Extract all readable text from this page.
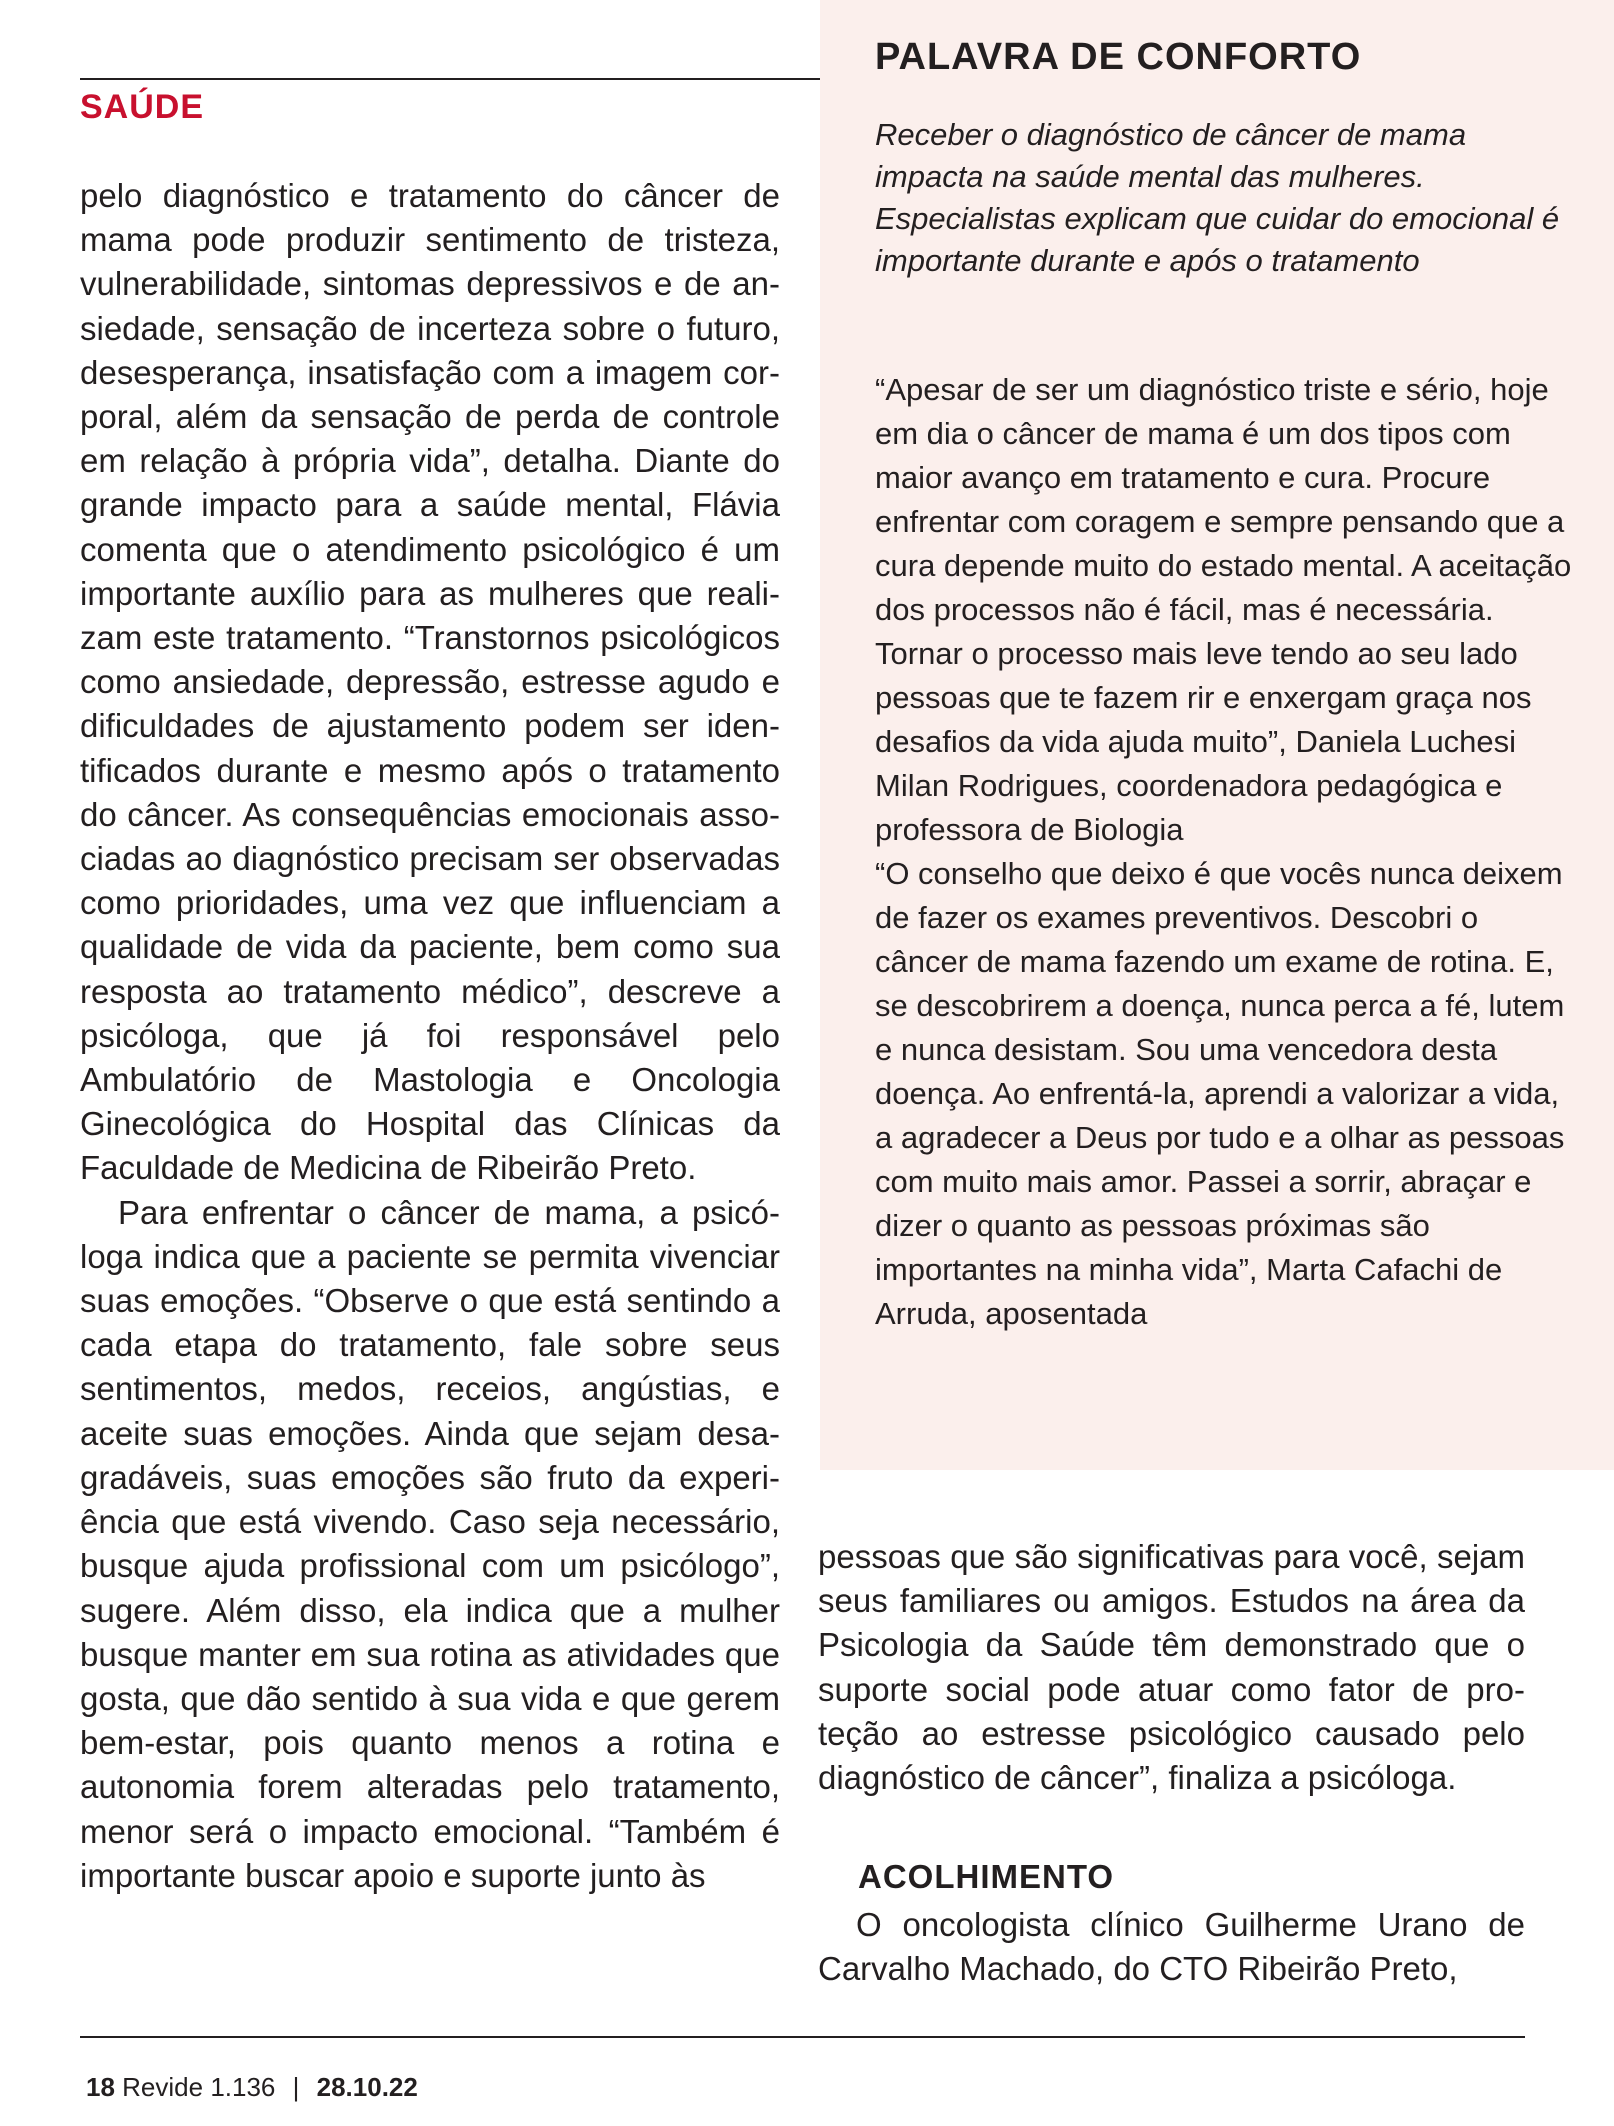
SAÚDE

pelo diagnóstico e tratamento do câncer de mama pode produzir sentimento de tristeza, vulnerabilidade, sintomas depressivos e de ansiedade, sensação de incerteza sobre o futuro, desesperança, insatisfação com a imagem corporal, além da sensação de perda de controle em relação à própria vida”, detalha. Diante do grande impacto para a saúde mental, Flávia comenta que o atendimento psicológico é um importante auxílio para as mulheres que realizam este tratamento. “Transtornos psicológicos como ansiedade, depressão, estresse agudo e dificuldades de ajustamento podem ser identificados durante e mesmo após o tratamento do câncer. As consequências emocionais associadas ao diagnóstico precisam ser observadas como prioridades, uma vez que influenciam a qualidade de vida da paciente, bem como sua resposta ao tratamento médico”, descreve a psicóloga, que já foi responsável pelo Ambulatório de Mastologia e Oncologia Ginecológica do Hospital das Clínicas da Faculdade de Medicina de Ribeirão Preto.

Para enfrentar o câncer de mama, a psicóloga indica que a paciente se permita vivenciar suas emoções. “Observe o que está sentindo a cada etapa do tratamento, fale sobre seus sentimentos, medos, receios, angústias, e aceite suas emoções. Ainda que sejam desagradáveis, suas emoções são fruto da experiência que está vivendo. Caso seja necessário, busque ajuda profissional com um psicólogo”, sugere. Além disso, ela indica que a mulher busque manter em sua rotina as atividades que gosta, que dão sentido à sua vida e que gerem bem-estar, pois quanto menos a rotina e autonomia forem alteradas pelo tratamento, menor será o impacto emocional. “Também é importante buscar apoio e suporte junto às

PALAVRA DE CONFORTO
Receber o diagnóstico de câncer de mama impacta na saúde mental das mulheres. Especialistas explicam que cuidar do emocional é importante durante e após o tratamento

“Apesar de ser um diagnóstico triste e sério, hoje em dia o câncer de mama é um dos tipos com maior avanço em tratamento e cura. Procure enfrentar com coragem e sempre pensando que a cura depende muito do estado mental. A aceitação dos processos não é fácil, mas é necessária. Tornar o processo mais leve tendo ao seu lado pessoas que te fazem rir e enxergam graça nos desafios da vida ajuda muito”, Daniela Luchesi Milan Rodrigues, coordenadora pedagógica e professora de Biologia

“O conselho que deixo é que vocês nunca deixem de fazer os exames preventivos. Descobri o câncer de mama fazendo um exame de rotina. E, se descobrirem a doença, nunca perca a fé, lutem e nunca desistam. Sou uma vencedora desta doença. Ao enfrentá-la, aprendi a valorizar a vida, a agradecer a Deus por tudo e a olhar as pessoas com muito mais amor. Passei a sorrir, abraçar e dizer o quanto as pessoas próximas são importantes na minha vida”, Marta Cafachi de Arruda, aposentada

pessoas que são significativas para você, sejam seus familiares ou amigos. Estudos na área da Psicologia da Saúde têm demonstrado que o suporte social pode atuar como fator de proteção ao estresse psicológico causado pelo diagnóstico de câncer”, finaliza a psicóloga.

ACOLHIMENTO

O oncologista clínico Guilherme Urano de Carvalho Machado, do CTO Ribeirão Preto,

18 Revide 1.136 | 28.10.22
